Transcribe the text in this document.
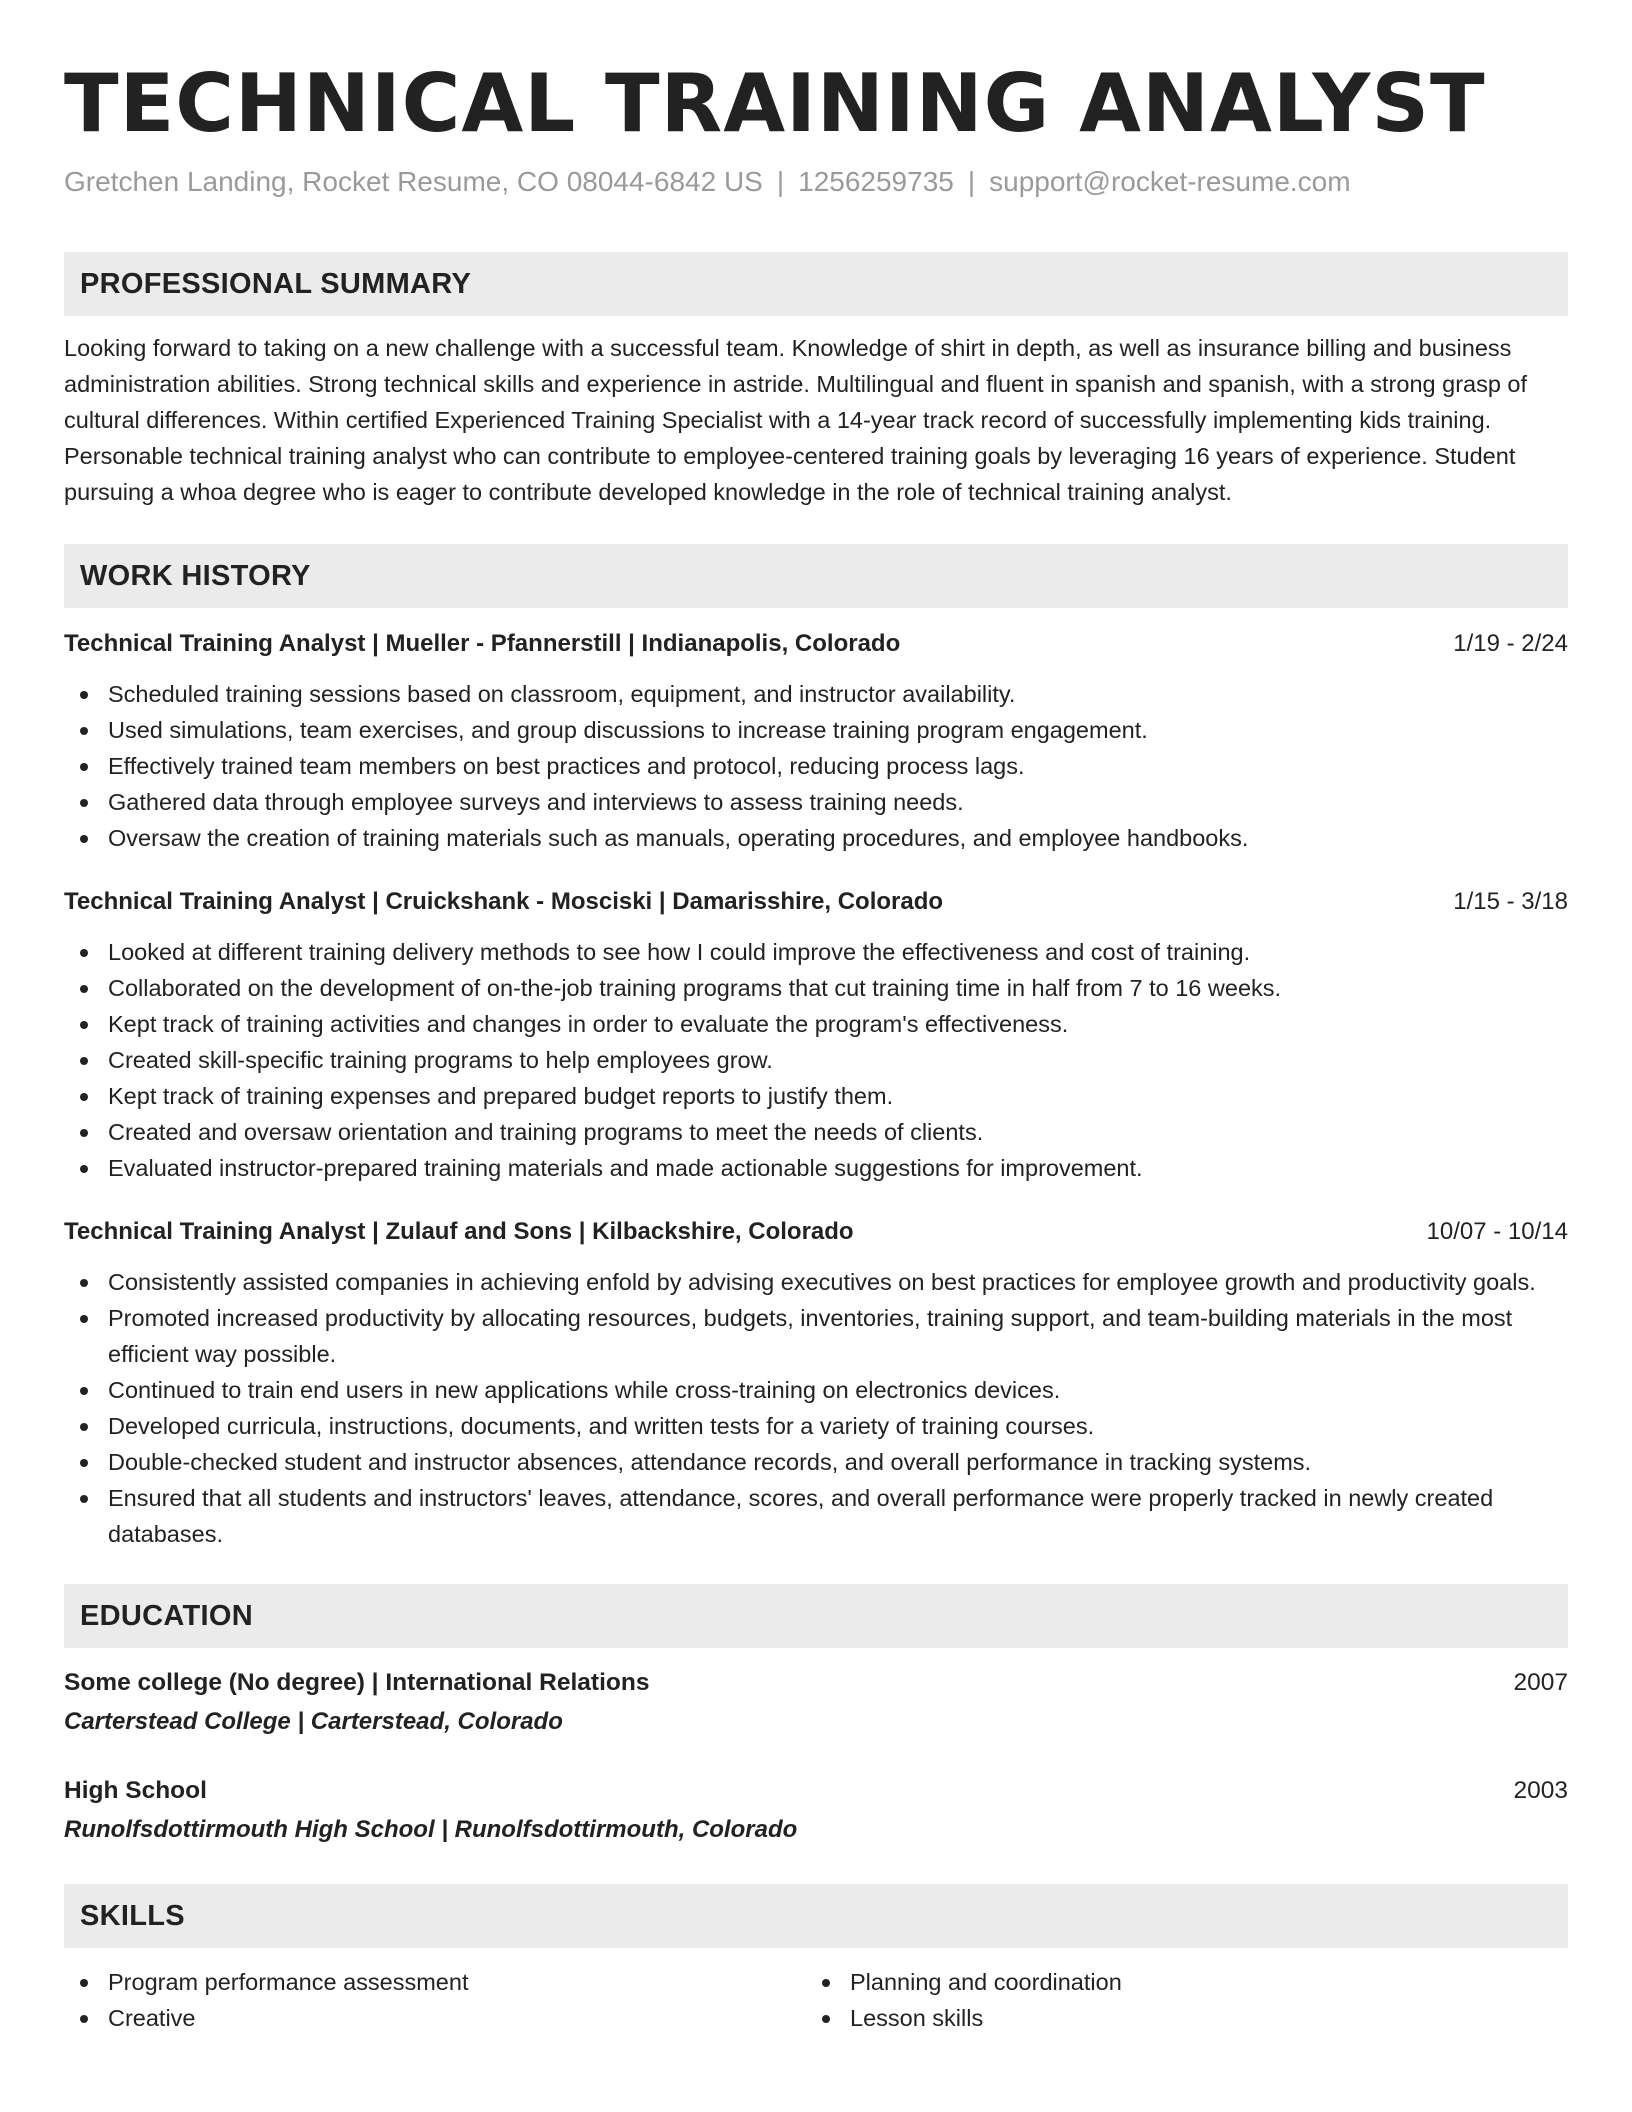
TECHNICAL TRAINING ANALYST
Gretchen Landing, Rocket Resume, CO 08044-6842 US | 1256259735 | support@rocket-resume.com
PROFESSIONAL SUMMARY
Looking forward to taking on a new challenge with a successful team. Knowledge of shirt in depth, as well as insurance billing and business administration abilities. Strong technical skills and experience in astride. Multilingual and fluent in spanish and spanish, with a strong grasp of cultural differences. Within certified Experienced Training Specialist with a 14-year track record of successfully implementing kids training. Personable technical training analyst who can contribute to employee-centered training goals by leveraging 16 years of experience. Student pursuing a whoa degree who is eager to contribute developed knowledge in the role of technical training analyst.
WORK HISTORY
Technical Training Analyst | Mueller - Pfannerstill | Indianapolis, Colorado	1/19 - 2/24
Scheduled training sessions based on classroom, equipment, and instructor availability.
Used simulations, team exercises, and group discussions to increase training program engagement.
Effectively trained team members on best practices and protocol, reducing process lags.
Gathered data through employee surveys and interviews to assess training needs.
Oversaw the creation of training materials such as manuals, operating procedures, and employee handbooks.
Technical Training Analyst | Cruickshank - Mosciski | Damarisshire, Colorado	1/15 - 3/18
Looked at different training delivery methods to see how I could improve the effectiveness and cost of training.
Collaborated on the development of on-the-job training programs that cut training time in half from 7 to 16 weeks.
Kept track of training activities and changes in order to evaluate the program's effectiveness.
Created skill-specific training programs to help employees grow.
Kept track of training expenses and prepared budget reports to justify them.
Created and oversaw orientation and training programs to meet the needs of clients.
Evaluated instructor-prepared training materials and made actionable suggestions for improvement.
Technical Training Analyst | Zulauf and Sons | Kilbackshire, Colorado	10/07 - 10/14
Consistently assisted companies in achieving enfold by advising executives on best practices for employee growth and productivity goals.
Promoted increased productivity by allocating resources, budgets, inventories, training support, and team-building materials in the most efficient way possible.
Continued to train end users in new applications while cross-training on electronics devices.
Developed curricula, instructions, documents, and written tests for a variety of training courses.
Double-checked student and instructor absences, attendance records, and overall performance in tracking systems.
Ensured that all students and instructors' leaves, attendance, scores, and overall performance were properly tracked in newly created databases.
EDUCATION
Some college (No degree) | International Relations	2007
Carterstead College | Carterstead, Colorado
High School	2003
Runolfsdottirmouth High School | Runolfsdottirmouth, Colorado
SKILLS
Program performance assessment
Creative
Planning and coordination
Lesson skills
